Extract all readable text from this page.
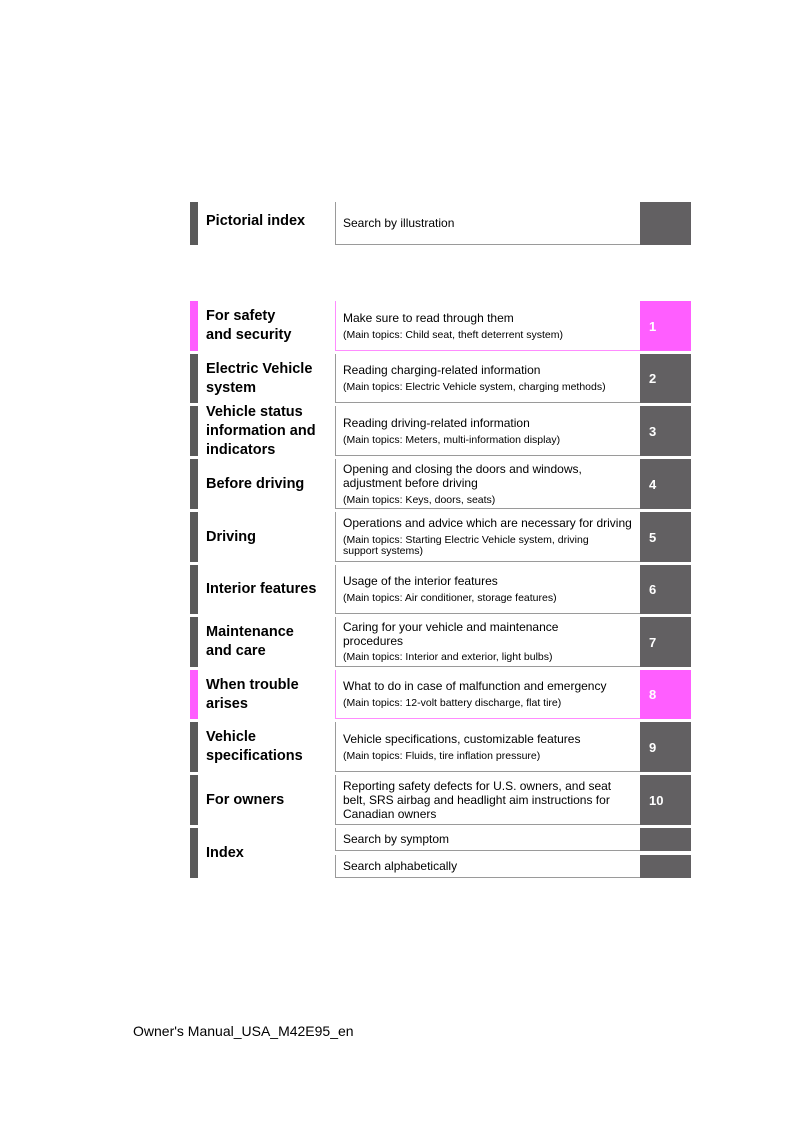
Pictorial index	Search by illustration
For safety
and security
Make sure to read through them
(Main topics: Child seat, theft deterrent system)
1
Electric Vehicle
system
Reading charging-related information
(Main topics: Electric Vehicle system, charging methods)
2
Vehicle status
information and
indicators
Reading driving-related information
(Main topics: Meters, multi-information display)
3
Before driving
Opening and closing the doors and windows,
adjustment before driving
(Main topics: Keys, doors, seats)
4
Driving
Operations and advice which are necessary for driving
(Main topics: Starting Electric Vehicle system, driving
support systems)
5
Interior features	Usage of the interior features
(Main topics: Air conditioner, storage features)
6
Maintenance
and care
Caring for your vehicle and maintenance
procedures
(Main topics: Interior and exterior, light bulbs)
7
When trouble
arises
What to do in case of malfunction and emergency
(Main topics: 12-volt battery discharge, flat tire)
8
Vehicle
specifications
Vehicle specifications, customizable features
(Main topics: Fluids, tire inflation pressure)
9
For owners
Reporting safety defects for U.S. owners, and seat
belt, SRS airbag and headlight aim instructions for
Canadian owners
10
Index
Search by symptom
Search alphabetically
Owner's Manual_USA_M42E95_en
